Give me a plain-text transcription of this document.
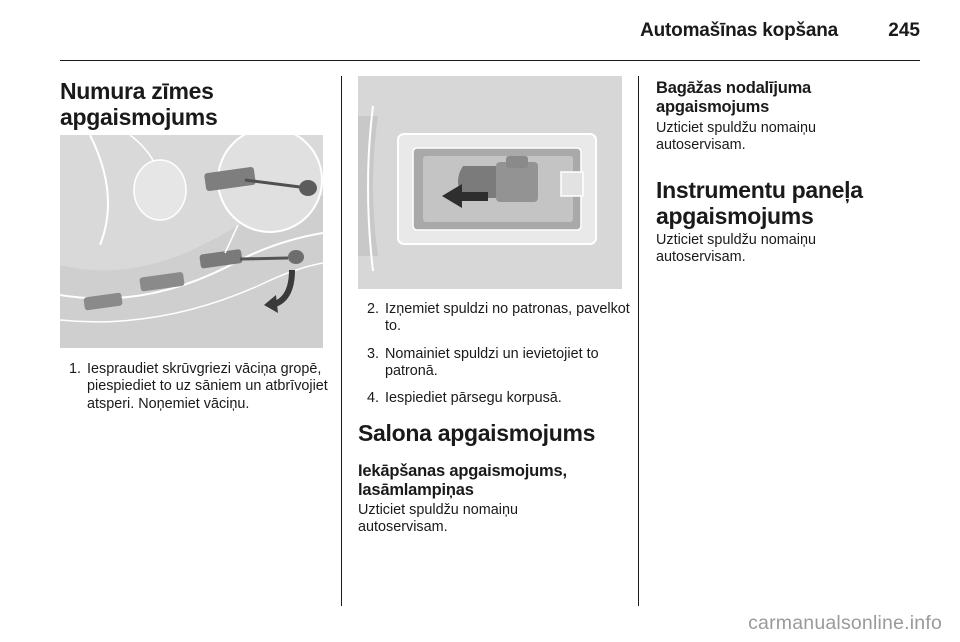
Automašīnas kopšana	245
Numura zīmes apgaismojums
1. Iespraudiet skrūvgriezi vāciņa gropē, piespiediet to uz sāniem un atbrīvojiet atsperi. Noņemiet vāciņu.
2. Izņemiet spuldzi no patronas, pavelkot to.
3. Nomainiet spuldzi un ievietojiet to patronā.
4. Iespiediet pārsegu korpusā.
Salona apgaismojums
Iekāpšanas apgaismojums, lasāmlampiņas
Uzticiet spuldžu nomaiņu autoservisam.
Bagāžas nodalījuma apgaismojums
Uzticiet spuldžu nomaiņu autoservisam.
Instrumentu paneļa apgaismojums
Uzticiet spuldžu nomaiņu autoservisam.
carmanualsonline.info
